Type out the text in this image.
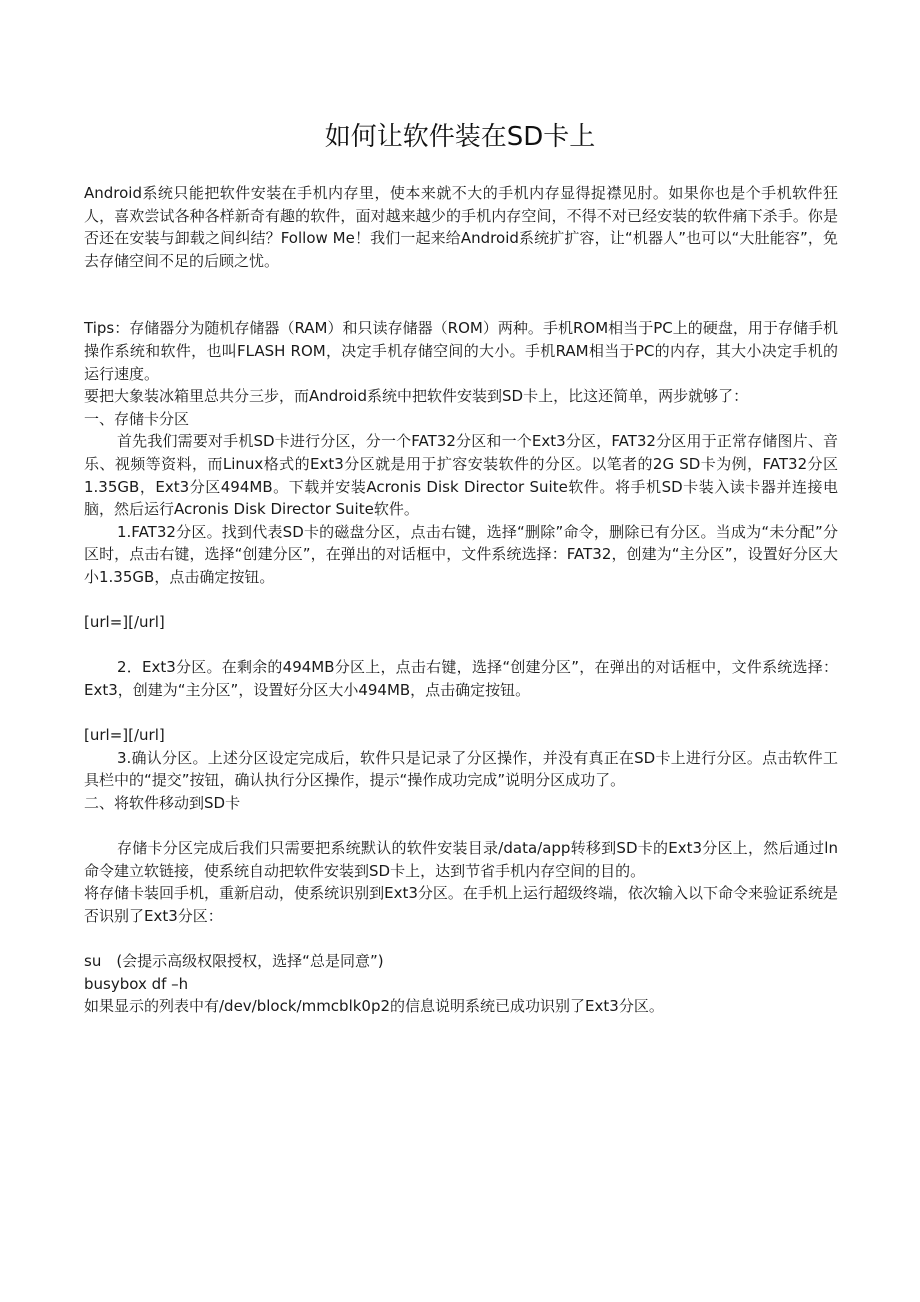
如何让软件装在SD卡上

Android系统只能把软件安装在手机内存里，使本来就不大的手机内存显得捉襟见肘。如果你也是个手机软件狂人，喜欢尝试各种各样新奇有趣的软件，面对越来越少的手机内存空间，不得不对已经安装的软件痛下杀手。你是否还在安装与卸载之间纠结？Follow Me！我们一起来给Android系统扩扩容，让“机器人”也可以“大肚能容”，免去存储空间不足的后顾之忧。

Tips：存储器分为随机存储器（RAM）和只读存储器（ROM）两种。手机ROM相当于PC上的硬盘，用于存储手机操作系统和软件，也叫FLASH ROM，决定手机存储空间的大小。手机RAM相当于PC的内存，其大小决定手机的运行速度。

要把大象装冰箱里总共分三步，而Android系统中把软件安装到SD卡上，比这还简单，两步就够了：

一、存储卡分区

首先我们需要对手机SD卡进行分区，分一个FAT32分区和一个Ext3分区，FAT32分区用于正常存储图片、音乐、视频等资料，而Linux格式的Ext3分区就是用于扩容安装软件的分区。以笔者的2G SD卡为例，FAT32分区1.35GB，Ext3分区494MB。下载并安装Acronis Disk Director Suite软件。将手机SD卡装入读卡器并连接电脑，然后运行Acronis Disk Director Suite软件。

1.FAT32分区。找到代表SD卡的磁盘分区，点击右键，选择“删除”命令，删除已有分区。当成为“未分配”分区时，点击右键，选择“创建分区”，在弹出的对话框中，文件系统选择：FAT32，创建为“主分区”，设置好分区大小1.35GB，点击确定按钮。

[url=][/url]

2．Ext3分区。在剩余的494MB分区上，点击右键，选择“创建分区”，在弹出的对话框中，文件系统选择：Ext3，创建为“主分区”，设置好分区大小494MB，点击确定按钮。

[url=][/url]

3.确认分区。上述分区设定完成后，软件只是记录了分区操作，并没有真正在SD卡上进行分区。点击软件工具栏中的“提交”按钮，确认执行分区操作，提示“操作成功完成”说明分区成功了。

二、将软件移动到SD卡

存储卡分区完成后我们只需要把系统默认的软件安装目录/data/app转移到SD卡的Ext3分区上，然后通过ln命令建立软链接，使系统自动把软件安装到SD卡上，达到节省手机内存空间的目的。

将存储卡装回手机，重新启动，使系统识别到Ext3分区。在手机上运行超级终端，依次输入以下命令来验证系统是否识别了Ext3分区：

su　(会提示高级权限授权，选择“总是同意”)

busybox df –h

如果显示的列表中有/dev/block/mmcblk0p2的信息说明系统已成功识别了Ext3分区。
